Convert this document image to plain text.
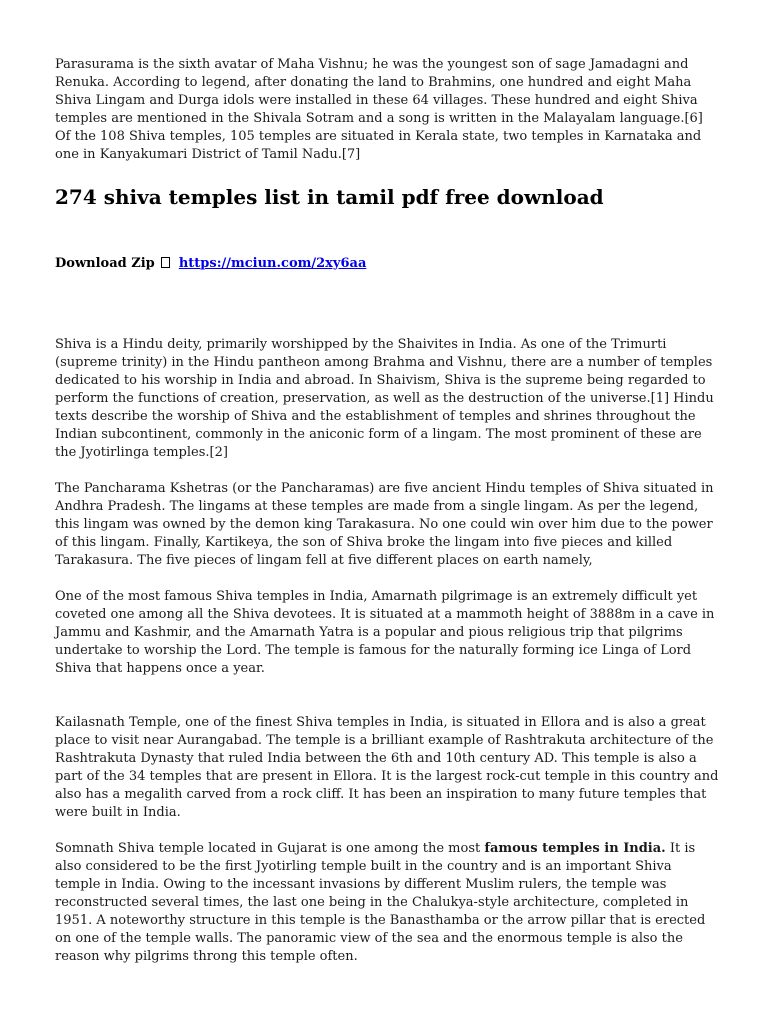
Parasurama is the sixth avatar of Maha Vishnu; he was the youngest son of sage Jamadagni and Renuka. According to legend, after donating the land to Brahmins, one hundred and eight Maha Shiva Lingam and Durga idols were installed in these 64 villages. These hundred and eight Shiva temples are mentioned in the Shivala Sotram and a song is written in the Malayalam language.[6] Of the 108 Shiva temples, 105 temples are situated in Kerala state, two temples in Karnataka and one in Kanyakumari District of Tamil Nadu.[7]

274 shiva temples list in tamil pdf free download

Download Zip https://mciun.com/2xy6aa

Shiva is a Hindu deity, primarily worshipped by the Shaivites in India. As one of the Trimurti (supreme trinity) in the Hindu pantheon among Brahma and Vishnu, there are a number of temples dedicated to his worship in India and abroad. In Shaivism, Shiva is the supreme being regarded to perform the functions of creation, preservation, as well as the destruction of the universe.[1] Hindu texts describe the worship of Shiva and the establishment of temples and shrines throughout the Indian subcontinent, commonly in the aniconic form of a lingam. The most prominent of these are the Jyotirlinga temples.[2]

The Pancharama Kshetras (or the Pancharamas) are five ancient Hindu temples of Shiva situated in Andhra Pradesh. The lingams at these temples are made from a single lingam. As per the legend, this lingam was owned by the demon king Tarakasura. No one could win over him due to the power of this lingam. Finally, Kartikeya, the son of Shiva broke the lingam into five pieces and killed Tarakasura. The five pieces of lingam fell at five different places on earth namely,

One of the most famous Shiva temples in India, Amarnath pilgrimage is an extremely difficult yet coveted one among all the Shiva devotees. It is situated at a mammoth height of 3888m in a cave in Jammu and Kashmir, and the Amarnath Yatra is a popular and pious religious trip that pilgrims undertake to worship the Lord. The temple is famous for the naturally forming ice Linga of Lord Shiva that happens once a year.

Kailasnath Temple, one of the finest Shiva temples in India, is situated in Ellora and is also a great place to visit near Aurangabad. The temple is a brilliant example of Rashtrakuta architecture of the Rashtrakuta Dynasty that ruled India between the 6th and 10th century AD. This temple is also a part of the 34 temples that are present in Ellora. It is the largest rock-cut temple in this country and also has a megalith carved from a rock cliff. It has been an inspiration to many future temples that were built in India.

Somnath Shiva temple located in Gujarat is one among the most famous temples in India. It is also considered to be the first Jyotirling temple built in the country and is an important Shiva temple in India. Owing to the incessant invasions by different Muslim rulers, the temple was reconstructed several times, the last one being in the Chalukya-style architecture, completed in 1951. A noteworthy structure in this temple is the Banasthamba or the arrow pillar that is erected on one of the temple walls. The panoramic view of the sea and the enormous temple is also the reason why pilgrims throng this temple often.
